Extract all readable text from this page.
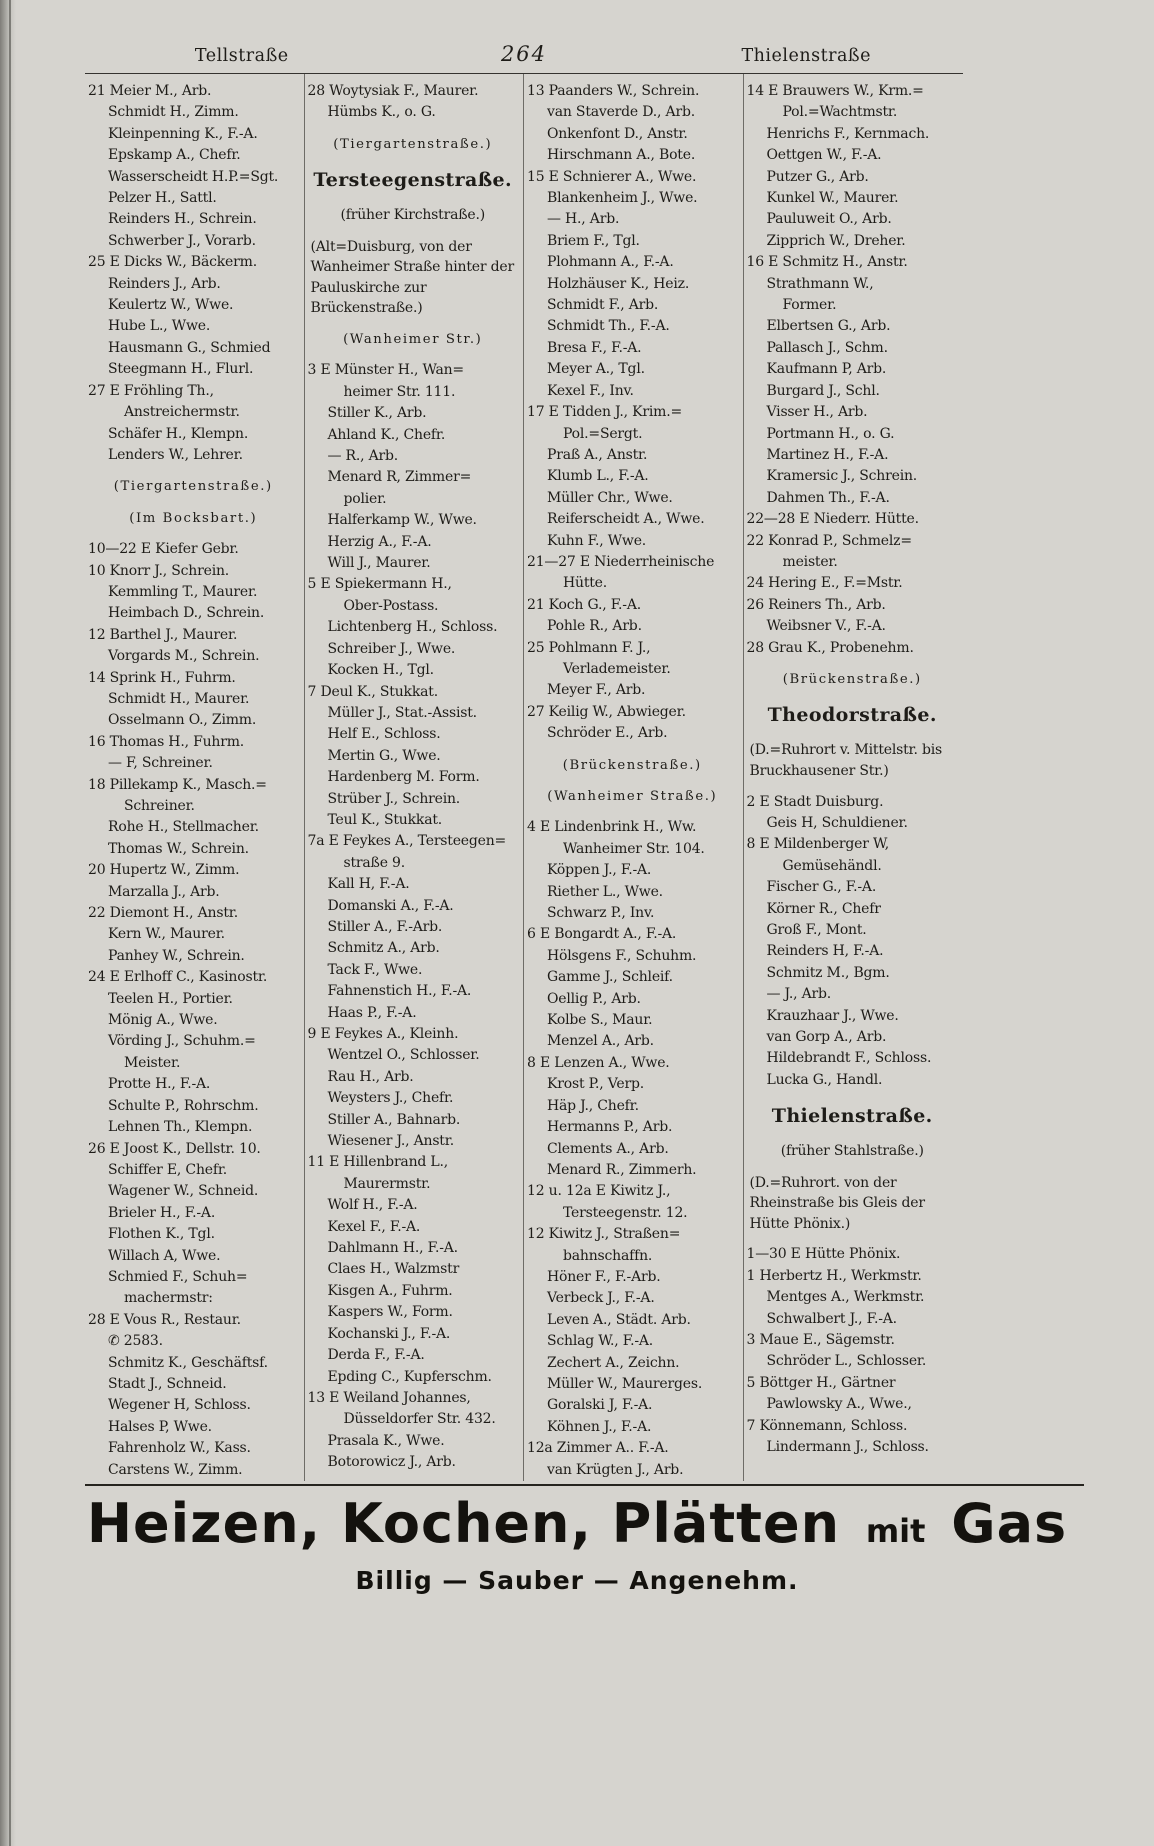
Tellstraße	264	Thielenstraße
21 Meier M., Arb.
Schmidt H., Zimm.
Kleinpenning K., F.-A.
Epskamp A., Chefr.
Wasserscheidt H.P.=Sgt.
Pelzer H., Sattl.
Reinders H., Schrein.
Schwerber J., Vorarb.
25 E Dicks W., Bäckerm.
Reinders J., Arb.
Keulertz W., Wwe.
Hube L., Wwe.
Hausmann G., Schmied
Steegmann H., Flurl.
27 E Fröhling Th.,
Anstreichermstr.
Schäfer H., Klempn.
Lenders W., Lehrer.
(Tiergartenstraße.)
(Im Bocksbart.)
10—22 E Kiefer Gebr.
10 Knorr J., Schrein.
Kemmling T., Maurer.
Heimbach D., Schrein.
12 Barthel J., Maurer.
Vorgards M., Schrein.
14 Sprink H., Fuhrm.
Schmidt H., Maurer.
Osselmann O., Zimm.
16 Thomas H., Fuhrm.
— F, Schreiner.
18 Pillekamp K., Masch.=
Schreiner.
Rohe H., Stellmacher.
Thomas W., Schrein.
20 Hupertz W., Zimm.
Marzalla J., Arb.
22 Diemont H., Anstr.
Kern W., Maurer.
Panhey W., Schrein.
24 E Erlhoff C., Kasinostr.
Teelen H., Portier.
Mönig A., Wwe.
Vörding J., Schuhm.=
Meister.
Protte H., F.-A.
Schulte P., Rohrschm.
Lehnen Th., Klempn.
26 E Joost K., Dellstr. 10.
Schiffer E, Chefr.
Wagener W., Schneid.
Brieler H., F.-A.
Flothen K., Tgl.
Willach A, Wwe.
Schmied F., Schuh=
machermstr:
28 E Vous R., Restaur.
✆ 2583.
Schmitz K., Geschäftsf.
Stadt J., Schneid.
Wegener H, Schloss.
Halses P, Wwe.
Fahrenholz W., Kass.
Carstens W., Zimm.
28 Woytysiak F., Maurer.
Hümbs K., o. G.
(Tiergartenstraße.)
Tersteegenstraße.
(früher Kirchstraße.)
(Alt=Duisburg, von der Wanheimer Straße hinter der Pauluskirche zur Brückenstraße.)
(Wanheimer Str.)
3 E Münster H., Wan=
heimer Str. 111.
Stiller K., Arb.
Ahland K., Chefr.
— R., Arb.
Menard R, Zimmer=
polier.
Halferkamp W., Wwe.
Herzig A., F.-A.
Will J., Maurer.
5 E Spiekermann H.,
Ober-Postass.
Lichtenberg H., Schloss.
Schreiber J., Wwe.
Kocken H., Tgl.
7 Deul K., Stukkat.
Müller J., Stat.-Assist.
Helf E., Schloss.
Mertin G., Wwe.
Hardenberg M. Form.
Strüber J., Schrein.
Teul K., Stukkat.
7a E Feykes A., Tersteegen=
straße 9.
Kall H, F.-A.
Domanski A., F.-A.
Stiller A., F.-Arb.
Schmitz A., Arb.
Tack F., Wwe.
Fahnenstich H., F.-A.
Haas P., F.-A.
9 E Feykes A., Kleinh.
Wentzel O., Schlosser.
Rau H., Arb.
Weysters J., Chefr.
Stiller A., Bahnarb.
Wiesener J., Anstr.
11 E Hillenbrand L.,
Maurermstr.
Wolf H., F.-A.
Kexel F., F.-A.
Dahlmann H., F.-A.
Claes H., Walzmstr
Kisgen A., Fuhrm.
Kaspers W., Form.
Kochanski J., F.-A.
Derda F., F.-A.
Epding C., Kupferschm.
13 E Weiland Johannes,
Düsseldorfer Str. 432.
Prasala K., Wwe.
Botorowicz J., Arb.
13 Paanders W., Schrein.
van Staverde D., Arb.
Onkenfont D., Anstr.
Hirschmann A., Bote.
15 E Schnierer A., Wwe.
Blankenheim J., Wwe.
— H., Arb.
Briem F., Tgl.
Plohmann A., F.-A.
Holzhäuser K., Heiz.
Schmidt F., Arb.
Schmidt Th., F.-A.
Bresa F., F.-A.
Meyer A., Tgl.
Kexel F., Inv.
17 E Tidden J., Krim.=
Pol.=Sergt.
Praß A., Anstr.
Klumb L., F.-A.
Müller Chr., Wwe.
Reiferscheidt A., Wwe.
Kuhn F., Wwe.
21—27 E Niederrheinische
Hütte.
21 Koch G., F.-A.
Pohle R., Arb.
25 Pohlmann F. J.,
Verlademeister.
Meyer F., Arb.
27 Keilig W., Abwieger.
Schröder E., Arb.
(Brückenstraße.)
(Wanheimer Straße.)
4 E Lindenbrink H., Ww.
Wanheimer Str. 104.
Köppen J., F.-A.
Riether L., Wwe.
Schwarz P., Inv.
6 E Bongardt A., F.-A.
Hölsgens F., Schuhm.
Gamme J., Schleif.
Oellig P., Arb.
Kolbe S., Maur.
Menzel A., Arb.
8 E Lenzen A., Wwe.
Krost P., Verp.
Häp J., Chefr.
Hermanns P., Arb.
Clements A., Arb.
Menard R., Zimmerh.
12 u. 12a E Kiwitz J.,
Tersteegenstr. 12.
12 Kiwitz J., Straßen=
bahnschaffn.
Höner F., F.-Arb.
Verbeck J., F.-A.
Leven A., Städt. Arb.
Schlag W., F.-A.
Zechert A., Zeichn.
Müller W., Maurerges.
Goralski J, F.-A.
Köhnen J., F.-A.
12a Zimmer A.. F.-A.
van Krügten J., Arb.
14 E Brauwers W., Krm.=
Pol.=Wachtmstr.
Henrichs F., Kernmach.
Oettgen W., F.-A.
Putzer G., Arb.
Kunkel W., Maurer.
Pauluweit O., Arb.
Zipprich W., Dreher.
16 E Schmitz H., Anstr.
Strathmann W.,
Former.
Elbertsen G., Arb.
Pallasch J., Schm.
Kaufmann P, Arb.
Burgard J., Schl.
Visser H., Arb.
Portmann H., o. G.
Martinez H., F.-A.
Kramersic J., Schrein.
Dahmen Th., F.-A.
22—28 E Niederr. Hütte.
22 Konrad P., Schmelz=
meister.
24 Hering E., F.=Mstr.
26 Reiners Th., Arb.
Weibsner V., F.-A.
28 Grau K., Probenehm.
(Brückenstraße.)
Theodorstraße.
(D.=Ruhrort v. Mittelstr. bis Bruckhausener Str.)
2 E Stadt Duisburg.
Geis H, Schuldiener.
8 E Mildenberger W,
Gemüsehändl.
Fischer G., F.-A.
Körner R., Chefr
Groß F., Mont.
Reinders H, F.-A.
Schmitz M., Bgm.
— J., Arb.
Krauzhaar J., Wwe.
van Gorp A., Arb.
Hildebrandt F., Schloss.
Lucka G., Handl.
Thielenstraße.
(früher Stahlstraße.)
(D.=Ruhrort. von der Rheinstraße bis Gleis der Hütte Phönix.)
1—30 E Hütte Phönix.
1 Herbertz H., Werkmstr.
Mentges A., Werkmstr.
Schwalbert J., F.-A.
3 Maue E., Sägemstr.
Schröder L., Schlosser.
5 Böttger H., Gärtner
Pawlowsky A., Wwe.,
7 Könnemann, Schloss.
Lindermann J., Schloss.
Heizen, Kochen, Plätten mit Gas
Billig — Sauber — Angenehm.
